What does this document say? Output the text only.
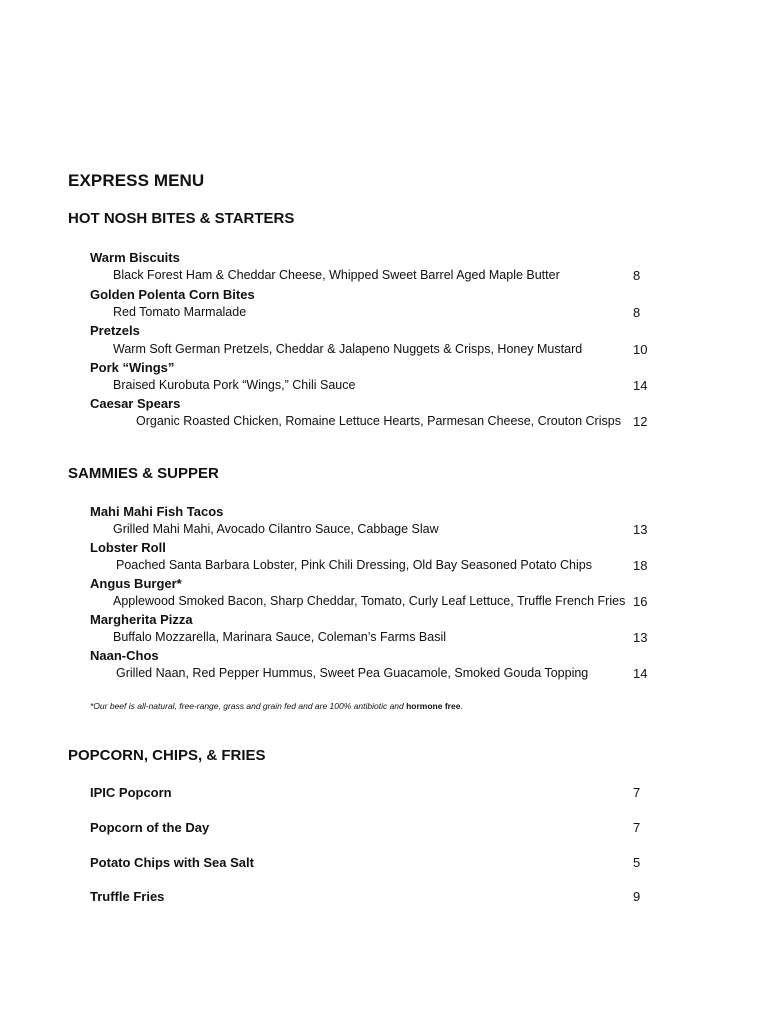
EXPRESS MENU
HOT NOSH BITES & STARTERS
Warm Biscuits
Black Forest Ham & Cheddar Cheese, Whipped Sweet Barrel Aged Maple Butter	8
Golden Polenta Corn Bites
Red Tomato Marmalade	8
Pretzels
Warm Soft German Pretzels, Cheddar & Jalapeno Nuggets & Crisps, Honey Mustard	10
Pork “Wings”
Braised Kurobuta Pork “Wings,” Chili Sauce	14
Caesar Spears
Organic Roasted Chicken, Romaine Lettuce Hearts, Parmesan Cheese, Crouton Crisps 12
SAMMIES & SUPPER
Mahi Mahi Fish Tacos
Grilled Mahi Mahi, Avocado Cilantro Sauce, Cabbage Slaw	13
Lobster Roll
Poached Santa Barbara Lobster, Pink Chili Dressing, Old Bay Seasoned Potato Chips	18
Angus Burger*
Applewood Smoked Bacon, Sharp Cheddar, Tomato, Curly Leaf Lettuce, Truffle French Fries 16
Margherita Pizza
Buffalo Mozzarella, Marinara Sauce, Coleman’s Farms Basil	13
Naan-Chos
Grilled Naan, Red Pepper Hummus, Sweet Pea Guacamole, Smoked Gouda Topping	14
*Our beef is all-natural, free-range, grass and grain fed and are 100% antibiotic and hormone free.
POPCORN, CHIPS, & FRIES
IPIC Popcorn	7
Popcorn of the Day	7
Potato Chips with Sea Salt	5
Truffle Fries	9
